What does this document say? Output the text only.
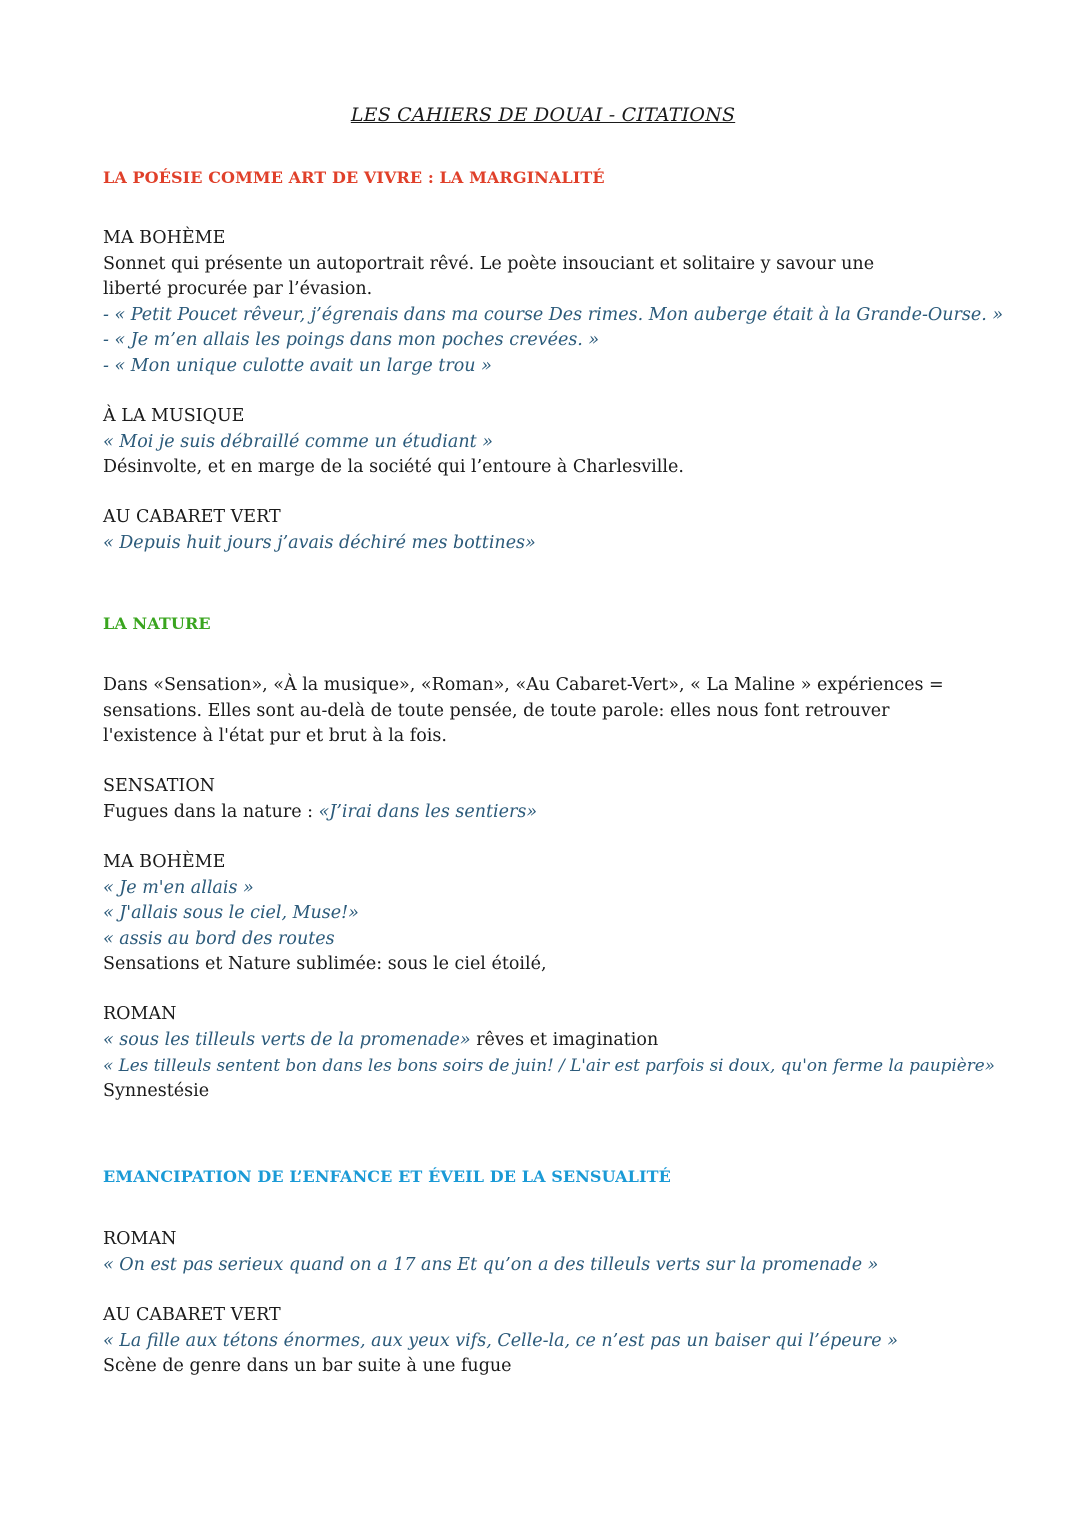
LES CAHIERS DE DOUAI - CITATIONS
LA POÉSIE COMME ART DE VIVRE : LA MARGINALITÉ
MA BOHÈME
Sonnet qui présente un autoportrait rêvé. Le poète insouciant et solitaire y savour une liberté procurée par l’évasion.
- « Petit Poucet rêveur, j’égrenais dans ma course Des rimes. Mon auberge était à la Grande-Ourse. »
- « Je m’en allais les poings dans mon poches crevées. »
- « Mon unique culotte avait un large trou »
À LA MUSIQUE
« Moi je suis débraillé comme un étudiant »
Désinvolte, et en marge de la société qui l’entoure à Charlesville.
AU CABARET VERT
« Depuis huit jours j’avais déchiré mes bottines»
LA NATURE
Dans «Sensation», «À la musique», «Roman», «Au Cabaret-Vert», « La Maline » expériences = sensations. Elles sont au-delà de toute pensée, de toute parole: elles nous font retrouver l'existence à l'état pur et brut à la fois.
SENSATION
Fugues dans la nature : «J’irai dans les sentiers»
MA BOHÈME
« Je m'en allais »
« J'allais sous le ciel, Muse!»
« assis au bord des routes
Sensations et Nature sublimée: sous le ciel étoilé,
ROMAN
« sous les tilleuls verts de la promenade» rêves et imagination
« Les tilleuls sentent bon dans les bons soirs de juin! / L'air est parfois si doux, qu'on ferme la paupière»
Synnestésie
EMANCIPATION DE L’ENFANCE ET ÉVEIL DE LA SENSUALITÉ
ROMAN
« On est pas serieux quand on a 17 ans Et qu’on a des tilleuls verts sur la promenade »
AU CABARET VERT
« La fille aux tétons énormes, aux yeux vifs, Celle-la, ce n’est pas un baiser qui l’épeure »
Scène de genre dans un bar suite à une fugue
